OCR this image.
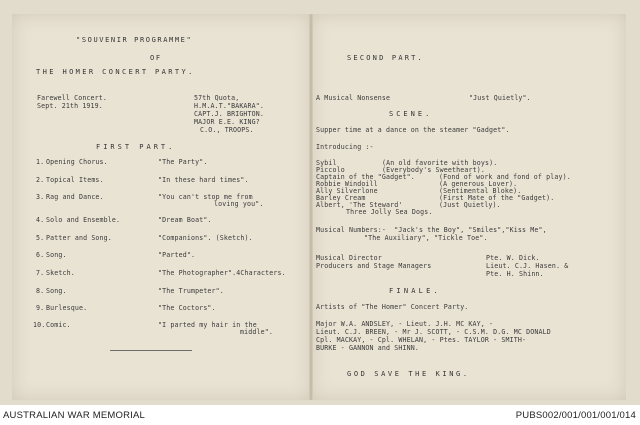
"SOUVENIR PROGRAMME"
OF
THE HOMER CONCERT PARTY.
Farewell Concert.
Sept. 21th 1919.
57th Quota,
H.M.A.T."BAKARA".
CAPT.J. BRIGHTON.
MAJOR E.E. KING?
C.O., TROOPS.
FIRST PART.
1. Opening Chorus.	"The Party".
2. Topical Items.	"In these hard times".
3. Rag and Dance.	"You can't stop me from
loving you".
4. Solo and Ensemble.	"Dream Boat".
5. Patter and Song.	"Companions". (Sketch).
6. Song.	"Parted".
7. Sketch.	"The Photographer".4Characters.
8. Song.	"The Trumpeter".
9. Burlesque.	"The Coctors".
10. Comic.	"I parted my hair in the
middle".
SECOND PART.
A Musical Nonsense	"Just Quietly".
SCENE.
Supper time at a dance on the steamer "Gadget".
Introducing :-
Sybil	(An old favorite with boys).
Piccolo	(Everybody's Sweetheart).
Captain of the "Gadget".	(Fond of work and fond of play).
Robbie Windoill	(A generous Lover).
Ally Silverlone	(Sentimental Bloke).
Barley Cream	(First Mate of the "Gadget).
Albert, 'The Steward'	(Just Quietly).
Three Jolly Sea Dogs.
Musical Numbers:-  "Jack's the Boy", "Smiles","Kiss Me",
"The Auxiliary", "Tickle Toe".
Musical Director	Pte. W. Dick.
Producers and Stage Managers	Lieut. C.J. Hasen. &
Pte. H. Shinn.
FINALE.
Artists of "The Homer" Concert Party.
Major W.A. ANDSLEY, - Lieut. J.H. MC KAY, -
Lieut. C.J. BREEN, - Mr J. SCOTT, - C.S.M. D.G. MC DONALD
Cpl. MACKAY, - Cpl. WHELAN, - Ptes. TAYLOR - SMITH-
BURKE - GANNON and SHINN.
GOD SAVE THE KING.
AUSTRALIAN WAR MEMORIAL	PUBS002/001/001/001/014
